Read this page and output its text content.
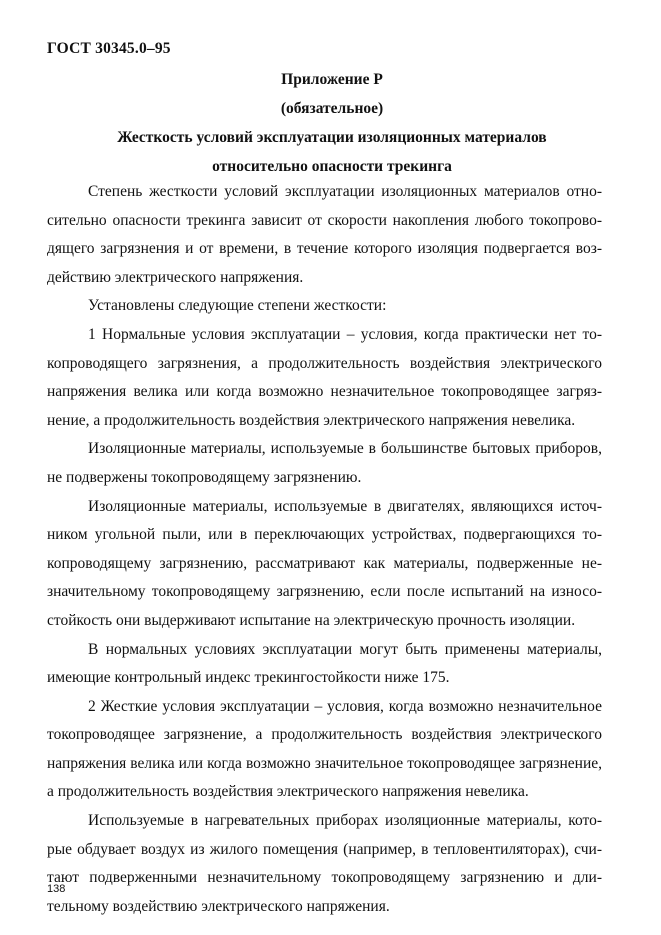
ГОСТ 30345.0–95

Приложение Р

(обязательное)

Жесткость условий эксплуатации изоляционных материалов

относительно опасности трекинга

Степень жесткости условий эксплуатации изоляционных материалов относительно опасности трекинга зависит от скорости накопления любого токопроводящего загрязнения и от времени, в течение которого изоляция подвергается воздействию электрического напряжения.

Установлены следующие степени жесткости:

1 Нормальные условия эксплуатации – условия, когда практически нет токопроводящего загрязнения, а продолжительность воздействия электрического напряжения велика или когда возможно незначительное токопроводящее загрязнение, а продолжительность воздействия электрического напряжения невелика.

Изоляционные материалы, используемые в большинстве бытовых приборов, не подвержены токопроводящему загрязнению.

Изоляционные материалы, используемые в двигателях, являющихся источником угольной пыли, или в переключающих устройствах, подвергающихся токопроводящему загрязнению, рассматривают как материалы, подверженные незначительному токопроводящему загрязнению, если после испытаний на износостойкость они выдерживают испытание на электрическую прочность изоляции.

В нормальных условиях эксплуатации могут быть применены материалы, имеющие контрольный индекс трекингостойкости ниже 175.

2 Жесткие условия эксплуатации – условия, когда возможно незначительное токопроводящее загрязнение, а продолжительность воздействия электрического напряжения велика или когда возможно значительное токопроводящее загрязнение, а продолжительность воздействия электрического напряжения невелика.

Используемые в нагревательных приборах изоляционные материалы, которые обдувает воздух из жилого помещения (например, в тепловентиляторах), считают подверженными незначительному токопроводящему загрязнению и длительному воздействию электрического напряжения.

138
